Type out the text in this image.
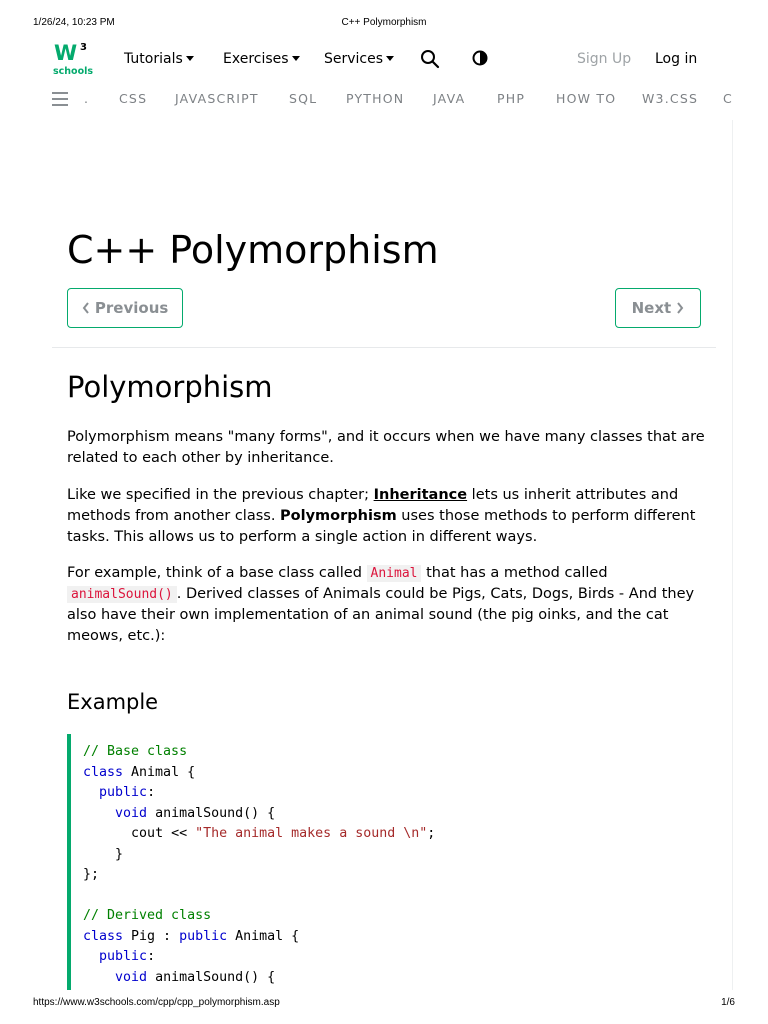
1/26/24, 10:23 PM	C++ Polymorphism
W 3
schools
Tutorials	Exercises	Services	Sign Up Log in
. CSS JAVASCRIPT SQL PYTHON JAVA	PHP HOW TO W3.CSS C
C++ Polymorphism
Previous	Next
Polymorphism

Polymorphism means "many forms", and it occurs when we have many classes that are related to each other by inheritance.

Like we specified in the previous chapter; Inheritance lets us inherit attributes and methods from another class. Polymorphism uses those methods to perform different tasks. This allows us to perform a single action in different ways.

For example, think of a base class called Animal that has a method called animalSound() . Derived classes of Animals could be Pigs, Cats, Dogs, Birds - And they also have their own implementation of an animal sound (the pig oinks, and the cat meows, etc.):

Example
// Base class
class Animal {
public:
void animalSound() {
cout << "The animal makes a sound \n";
}
};

// Derived class
class Pig : public Animal {
public:
void animalSound() {
https://www.w3schools.com/cpp/cpp_polymorphism.asp	1/6
